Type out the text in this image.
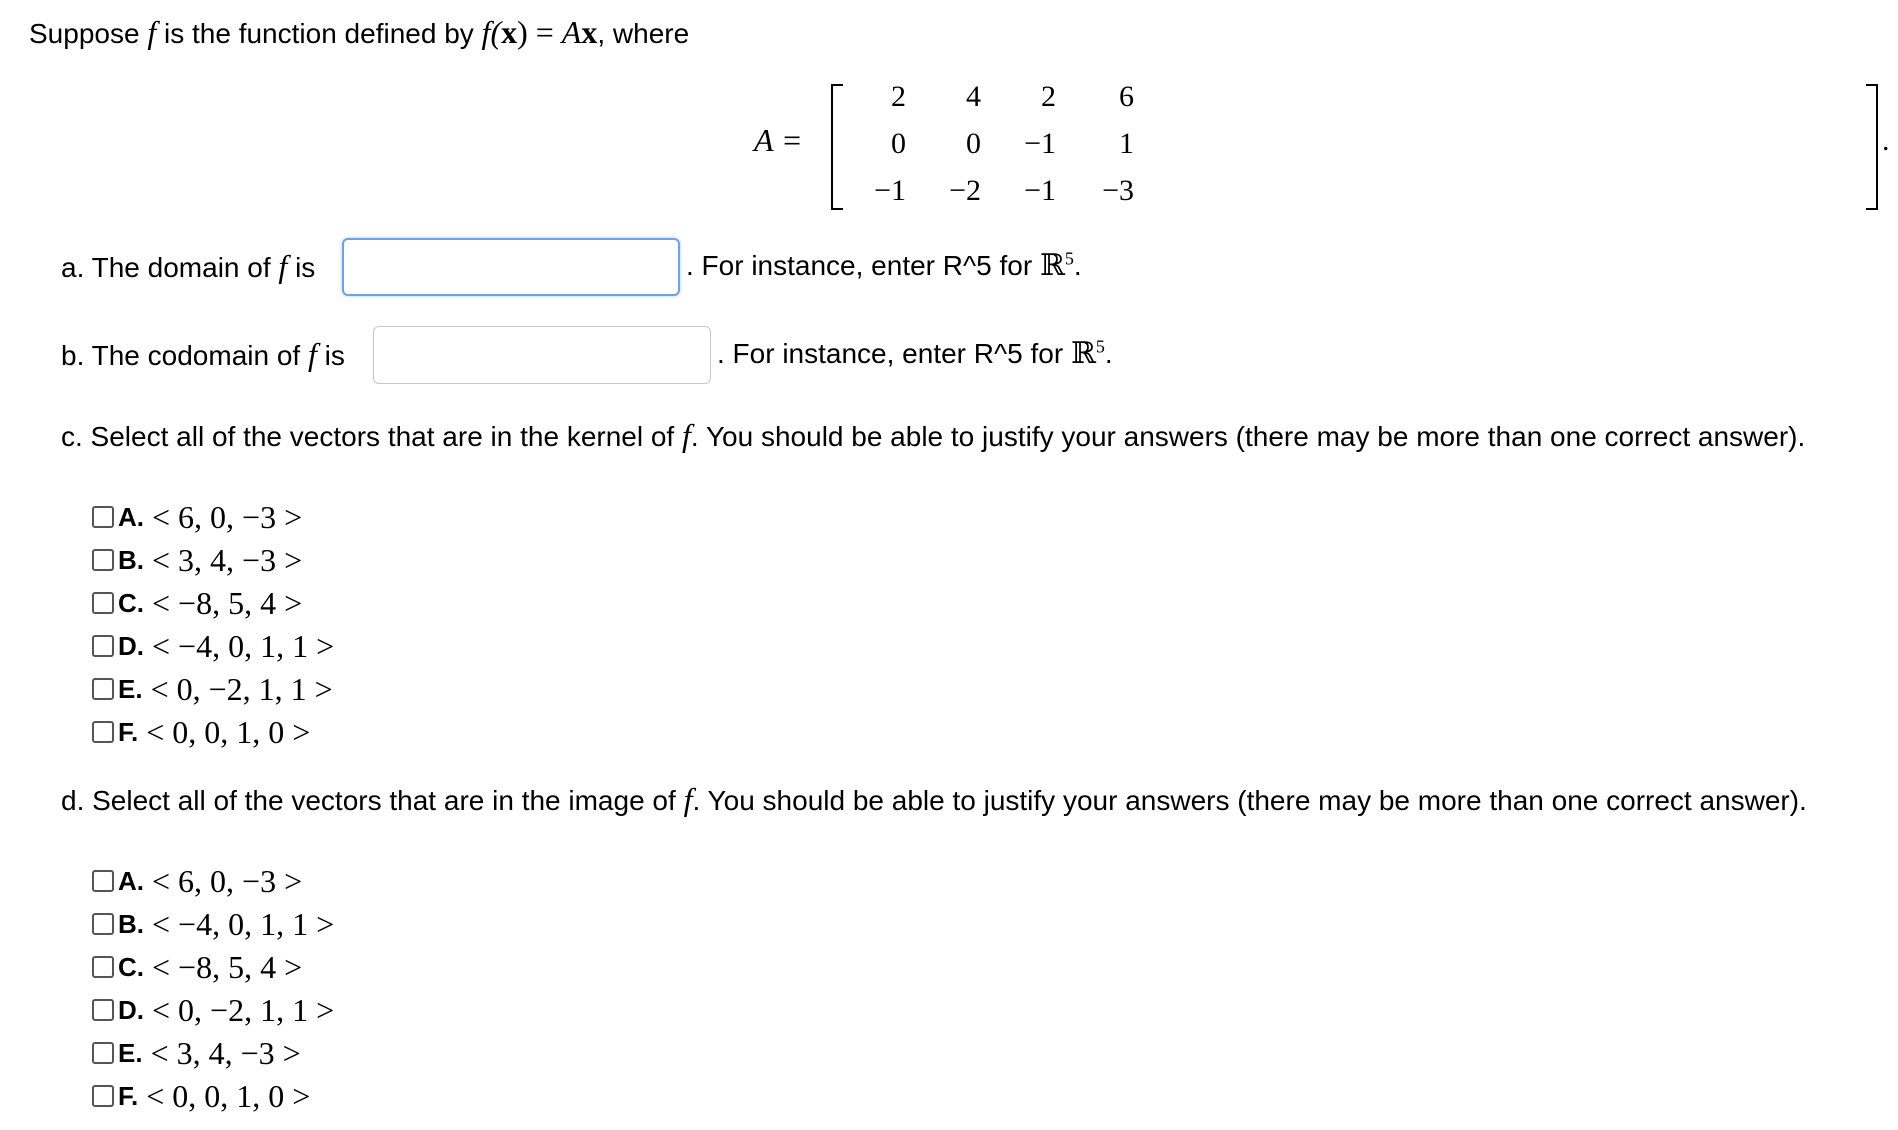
Suppose f is the function defined by f(x) = Ax, where
A =	.
2	4	2	6
0	0	−1	1
−1	−2	−1	−3
a. The domain of f is	. For instance, enter R^5 for ℝ$^5$.
b. The codomain of f is	. For instance, enter R^5 for ℝ$^5$.
c. Select all of the vectors that are in the kernel of f. You should be able to justify your answers (there may be more than one correct answer).
A. < 6, 0, −3 >
B. < 3, 4, −3 >
C. < −8, 5, 4 >
D. < −4, 0, 1, 1 >
E. < 0, −2, 1, 1 >
F. < 0, 0, 1, 0 >
d. Select all of the vectors that are in the image of f. You should be able to justify your answers (there may be more than one correct answer).
A. < 6, 0, −3 >
B. < −4, 0, 1, 1 >
C. < −8, 5, 4 >
D. < 0, −2, 1, 1 >
E. < 3, 4, −3 >
F. < 0, 0, 1, 0 >
